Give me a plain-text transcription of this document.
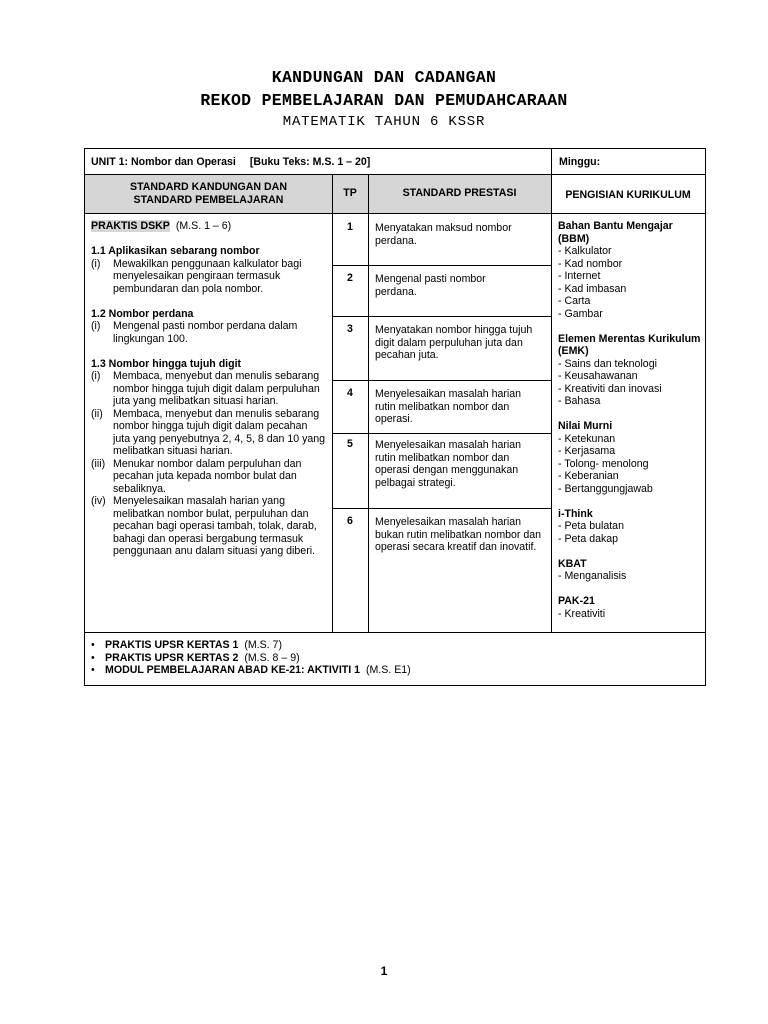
KANDUNGAN DAN CADANGAN
REKOD PEMBELAJARAN DAN PEMUDAHCARAAN
MATEMATIK TAHUN 6 KSSR
UNIT 1: Nombor dan Operasi [Buku Teks: M.S. 1 – 20]	Minggu:
STANDARD KANDUNGAN DAN
STANDARD PEMBELAJARAN
TP	STANDARD PRESTASI	PENGISIAN KURIKULUM
PRAKTIS DSKP (M.S. 1 – 6)
1.1 Aplikasikan sebarang nombor
(i)	Mewakilkan penggunaan kalkulator bagi menyelesaikan pengiraan termasuk pembundaran dan pola nombor.
1.2 Nombor perdana
(i)	Mengenal pasti nombor perdana dalam lingkungan 100.
1.3 Nombor hingga tujuh digit
(i)	Membaca, menyebut dan menulis sebarang nombor hingga tujuh digit dalam perpuluhan juta yang melibatkan situasi harian.
(ii) Membaca, menyebut dan menulis sebarang nombor hingga tujuh digit dalam pecahan juta yang penyebutnya 2, 4, 5, 8 dan 10 yang melibatkan situasi harian.
(iii) Menukar nombor dalam perpuluhan dan pecahan juta kepada nombor bulat dan sebaliknya.
(iv) Menyelesaikan masalah harian yang melibatkan nombor bulat, perpuluhan dan pecahan bagi operasi tambah, tolak, darab, bahagi dan operasi bergabung termasuk penggunaan anu dalam situasi yang diberi.
1	Menyatakan maksud nombor perdana.
2	Mengenal pasti nombor perdana.
3	Menyatakan nombor hingga tujuh digit dalam perpuluhan juta dan pecahan juta.
4	Menyelesaikan masalah harian rutin melibatkan nombor dan operasi.
5	Menyelesaikan masalah harian rutin melibatkan nombor dan operasi dengan menggunakan pelbagai strategi.
6	Menyelesaikan masalah harian bukan rutin melibatkan nombor dan operasi secara kreatif dan inovatif.
Bahan Bantu Mengajar (BBM)
- Kalkulator
- Kad nombor
- Internet
- Kad imbasan
- Carta
- Gambar
Elemen Merentas Kurikulum (EMK)
- Sains dan teknologi
- Keusahawanan
- Kreativiti dan inovasi
- Bahasa
Nilai Murni
- Ketekunan
- Kerjasama
- Tolong- menolong
- Keberanian
- Bertanggungjawab
i-Think
- Peta bulatan
- Peta dakap
KBAT
- Menganalisis
PAK-21
- Kreativiti
• PRAKTIS UPSR KERTAS 1 (M.S. 7)
• PRAKTIS UPSR KERTAS 2 (M.S. 8 – 9)
• MODUL PEMBELAJARAN ABAD KE-21: AKTIVITI 1 (M.S. E1)
1
